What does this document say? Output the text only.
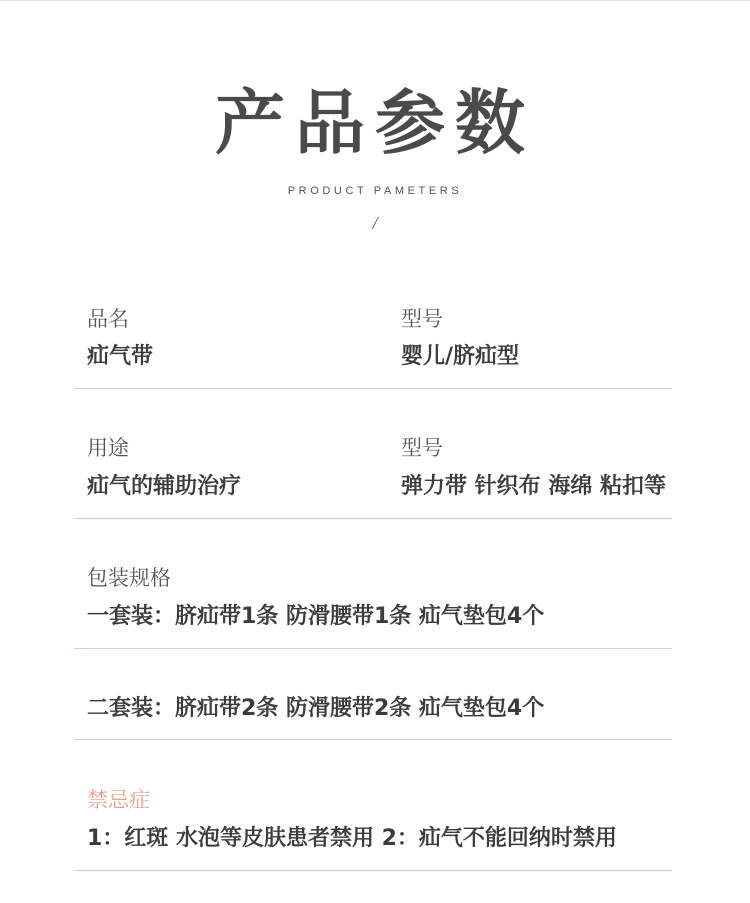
产品参数
PRODUCT PAMETERS
/
品名
疝气带
型号
婴儿/脐疝型
用途
疝气的辅助治疗
型号
弹力带 针织布 海绵 粘扣等
包装规格
一套装：脐疝带1条 防滑腰带1条 疝气垫包4个
二套装：脐疝带2条 防滑腰带2条 疝气垫包4个
禁忌症
1：红斑 水泡等皮肤患者禁用 2：疝气不能回纳时禁用
